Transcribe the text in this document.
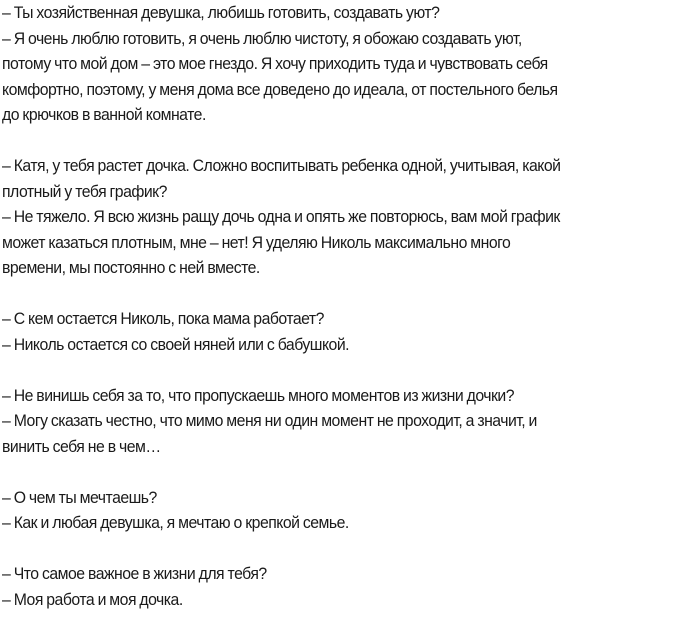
– Ты хозяйственная девушка, любишь готовить, создавать уют?

– Я очень люблю готовить, я очень люблю чистоту, я обожаю создавать уют,

потому что мой дом – это мое гнездо. Я хочу приходить туда и чувствовать себя

комфортно, поэтому, у меня дома все доведено до идеала, от постельного белья

до крючков в ванной комнате.

– Катя, у тебя растет дочка. Сложно воспитывать ребенка одной, учитывая, какой

плотный у тебя график?

– Не тяжело. Я всю жизнь ращу дочь одна и опять же повторюсь, вам мой график

может казаться плотным, мне – нет! Я уделяю Николь максимально много

времени, мы постоянно с ней вместе.

– С кем остается Николь, пока мама работает?

– Николь остается со своей няней или с бабушкой.

– Не винишь себя за то, что пропускаешь много моментов из жизни дочки?

– Могу сказать честно, что мимо меня ни один момент не проходит, а значит, и

винить себя не в чем…

– О чем ты мечтаешь?

– Как и любая девушка, я мечтаю о крепкой семье.

– Что самое важное в жизни для тебя?

– Моя работа и моя дочка.
